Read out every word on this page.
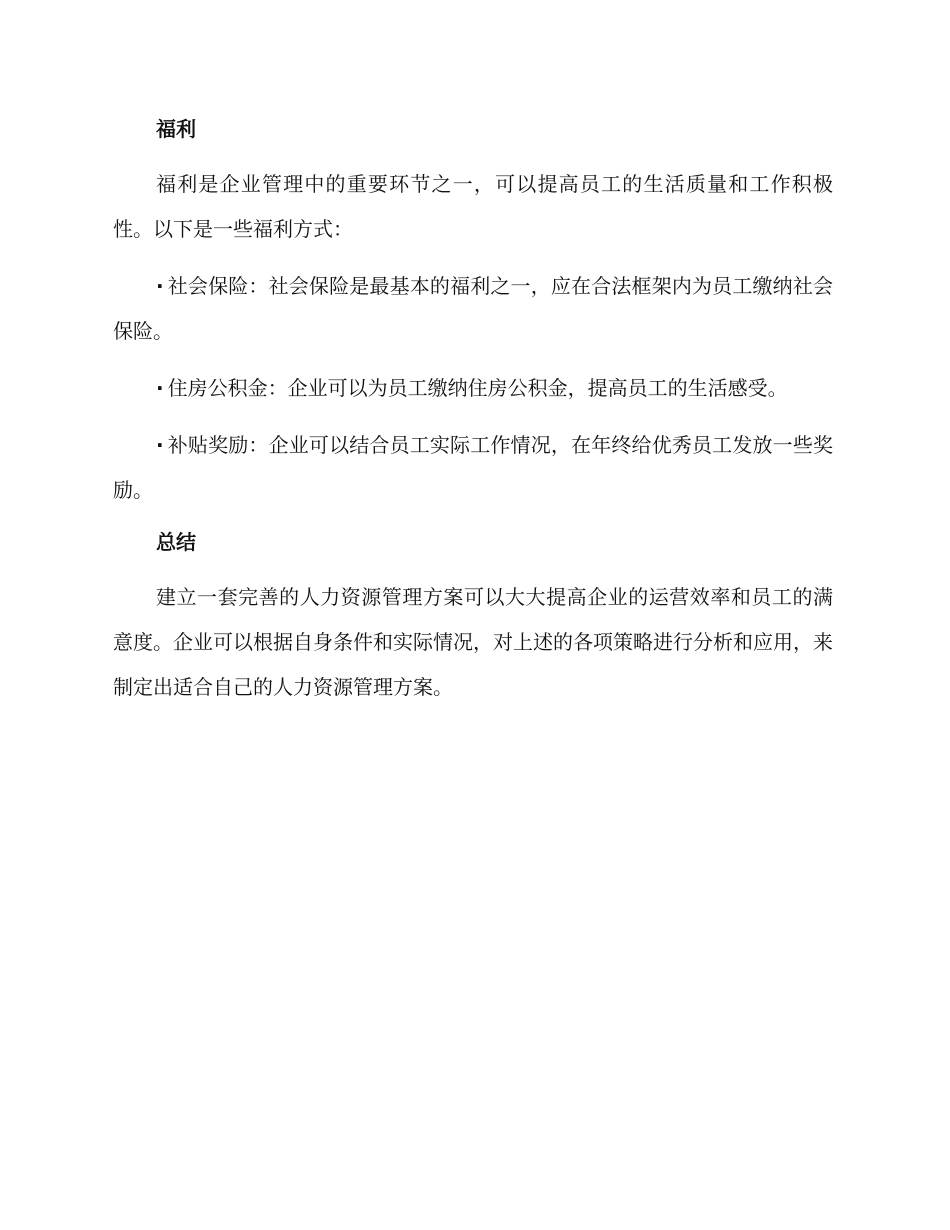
福利

福利是企业管理中的重要环节之一，可以提高员工的生活质量和工作积极性。以下是一些福利方式：

· 社会保险：社会保险是最基本的福利之一，应在合法框架内为员工缴纳社会保险。

· 住房公积金：企业可以为员工缴纳住房公积金，提高员工的生活感受。

· 补贴奖励：企业可以结合员工实际工作情况，在年终给优秀员工发放一些奖励。

总结

建立一套完善的人力资源管理方案可以大大提高企业的运营效率和员工的满意度。企业可以根据自身条件和实际情况，对上述的各项策略进行分析和应用，来制定出适合自己的人力资源管理方案。
